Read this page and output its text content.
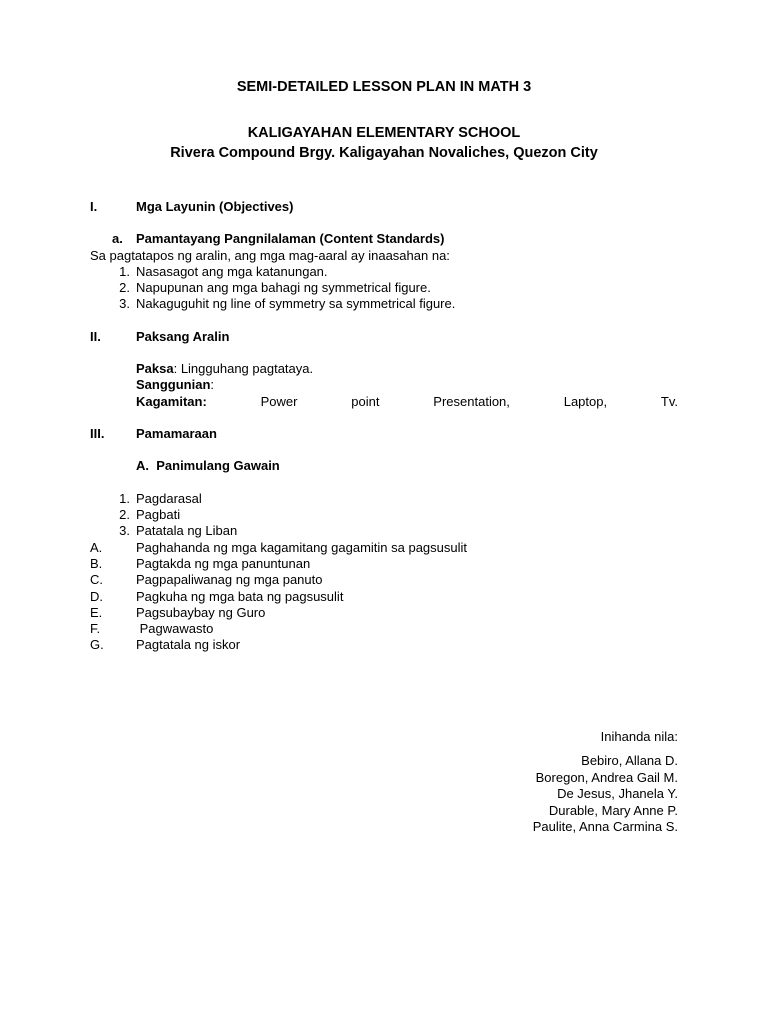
SEMI-DETAILED LESSON PLAN IN MATH 3
KALIGAYAHAN ELEMENTARY SCHOOL
Rivera Compound Brgy. Kaligayahan Novaliches, Quezon City
I.	Mga Layunin (Objectives)
a. Pamantayang Pangnilalaman (Content Standards)
Sa pagtatapos ng aralin, ang mga mag-aaral ay inaasahan na:
1. Nasasagot ang mga katanungan.
2. Napupunan ang mga bahagi ng symmetrical figure.
3. Nakaguguhit ng line of symmetry sa symmetrical figure.
II.	Paksang Aralin
Paksa: Lingguhang pagtataya.
Sanggunian:
Kagamitan:	Power	point	Presentation,	Laptop,	Tv.
III. Pamamaraan
A.  Panimulang Gawain
1. Pagdarasal
2. Pagbati
3. Patatala ng Liban
A.	Paghahanda ng mga kagamitang gagamitin sa pagsusulit
B.	Pagtakda ng mga panuntunan
C.	Pagpapaliwanag ng mga panuto
D.	Pagkuha ng mga bata ng pagsusulit
E.	Pagsubaybay ng Guro
F.	Pagwawasto
G. Pagtatala ng iskor
Inihanda nila:
Bebiro, Allana D.
Boregon, Andrea Gail M.
De Jesus, Jhanela Y.
Durable, Mary Anne P.
Paulite, Anna Carmina S.
